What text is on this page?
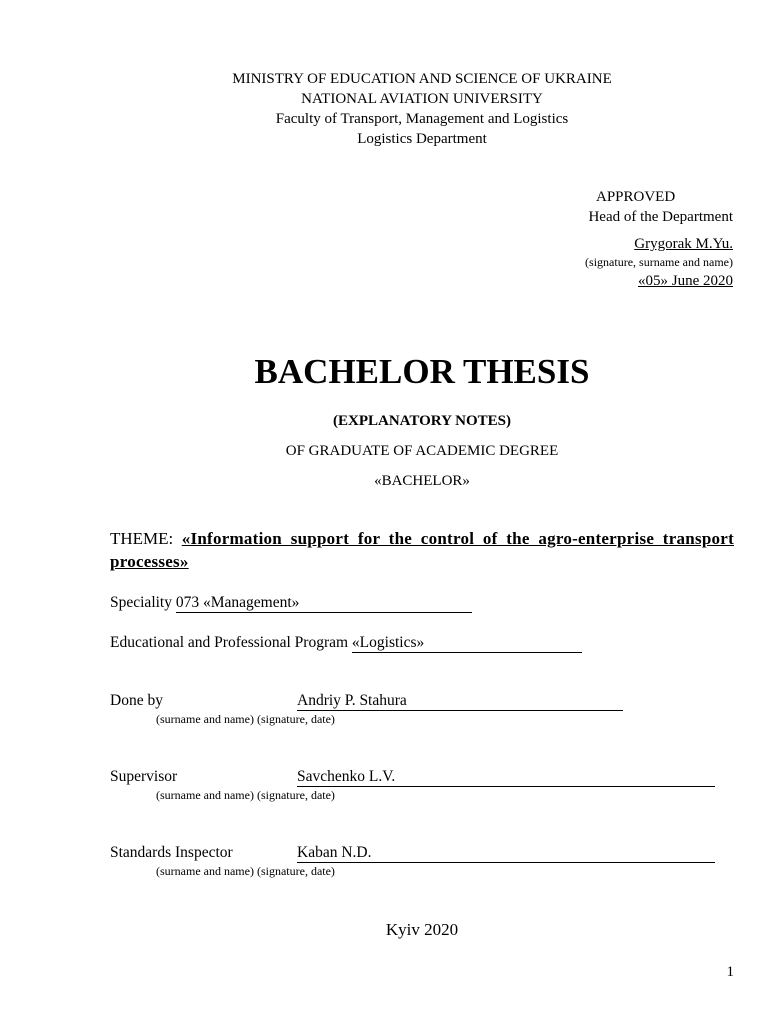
MINISTRY OF EDUCATION AND SCIENCE OF UKRAINE
NATIONAL AVIATION UNIVERSITY
Faculty of Transport, Management and Logistics
Logistics Department
APPROVED
Head of the Department
Grygorak M.Yu.
(signature, surname and name)
«05» June 2020
BACHELOR THESIS
(EXPLANATORY NOTES)
OF GRADUATE OF ACADEMIC DEGREE
«BACHELOR»
THEME: «Information support for the control of the agro-enterprise transport processes»
Speciality 073 «Management»
Educational and Professional Program «Logistics»
Done by	Andriy P. Stahura
(surname and name) (signature, date)
Supervisor	Savchenko L.V.
(surname and name) (signature, date)
Standards Inspector	Kaban N.D.
(surname and name) (signature, date)
Kyiv 2020
1
